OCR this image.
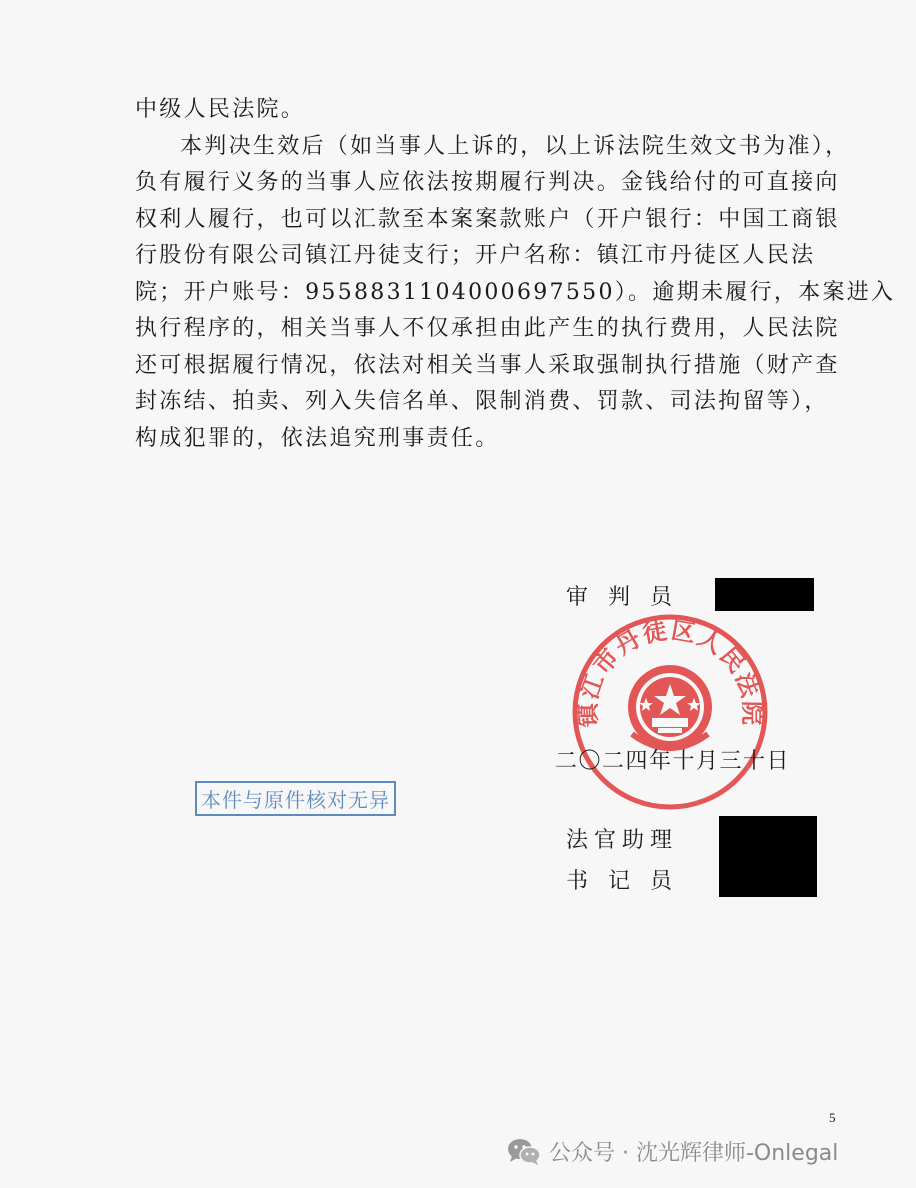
中级人民法院。
本判决生效后（如当事人上诉的，以上诉法院生效文书为准），
负有履行义务的当事人应依法按期履行判决。金钱给付的可直接向
权利人履行，也可以汇款至本案案款账户（开户银行：中国工商银
行股份有限公司镇江丹徒支行；开户名称：镇江市丹徒区人民法
院；开户账号：9558831104000697550）。逾期未履行，本案进入
执行程序的，相关当事人不仅承担由此产生的执行费用，人民法院
还可根据履行情况，依法对相关当事人采取强制执行措施（财产查
封冻结、拍卖、列入失信名单、限制消费、罚款、司法拘留等），
构成犯罪的，依法追究刑事责任。
审判员
镇江市丹徒区人民法院
二〇二四年十月三十日
本件与原件核对无异
法官助理
书记员
5
公众号 · 沈光辉律师-Onlegal
